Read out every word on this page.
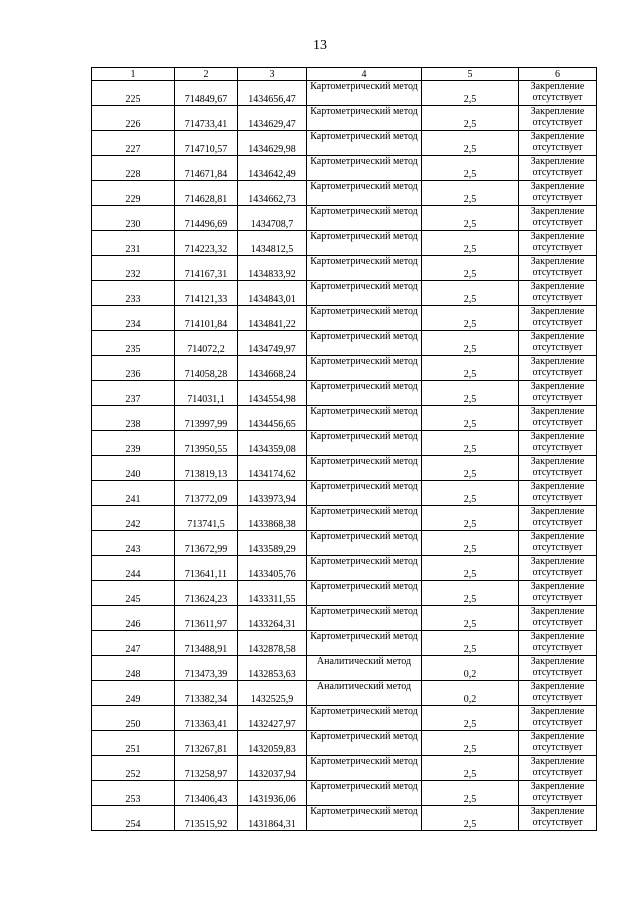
13
1	2	3	4	5	6
225	714849,67	1434656,47	Картометрический метод	2,5	Закрепление отсутствует
226	714733,41	1434629,47	Картометрический метод	2,5	Закрепление отсутствует
227	714710,57	1434629,98	Картометрический метод	2,5	Закрепление отсутствует
228	714671,84	1434642,49	Картометрический метод	2,5	Закрепление отсутствует
229	714628,81	1434662,73	Картометрический метод	2,5	Закрепление отсутствует
230	714496,69	1434708,7	Картометрический метод	2,5	Закрепление отсутствует
231	714223,32	1434812,5	Картометрический метод	2,5	Закрепление отсутствует
232	714167,31	1434833,92	Картометрический метод	2,5	Закрепление отсутствует
233	714121,33	1434843,01	Картометрический метод	2,5	Закрепление отсутствует
234	714101,84	1434841,22	Картометрический метод	2,5	Закрепление отсутствует
235	714072,2	1434749,97	Картометрический метод	2,5	Закрепление отсутствует
236	714058,28	1434668,24	Картометрический метод	2,5	Закрепление отсутствует
237	714031,1	1434554,98	Картометрический метод	2,5	Закрепление отсутствует
238	713997,99	1434456,65	Картометрический метод	2,5	Закрепление отсутствует
239	713950,55	1434359,08	Картометрический метод	2,5	Закрепление отсутствует
240	713819,13	1434174,62	Картометрический метод	2,5	Закрепление отсутствует
241	713772,09	1433973,94	Картометрический метод	2,5	Закрепление отсутствует
242	713741,5	1433868,38	Картометрический метод	2,5	Закрепление отсутствует
243	713672,99	1433589,29	Картометрический метод	2,5	Закрепление отсутствует
244	713641,11	1433405,76	Картометрический метод	2,5	Закрепление отсутствует
245	713624,23	1433311,55	Картометрический метод	2,5	Закрепление отсутствует
246	713611,97	1433264,31	Картометрический метод	2,5	Закрепление отсутствует
247	713488,91	1432878,58	Картометрический метод	2,5	Закрепление отсутствует
248	713473,39	1432853,63	Аналитический метод	0,2	Закрепление отсутствует
249	713382,34	1432525,9	Аналитический метод	0,2	Закрепление отсутствует
250	713363,41	1432427,97	Картометрический метод	2,5	Закрепление отсутствует
251	713267,81	1432059,83	Картометрический метод	2,5	Закрепление отсутствует
252	713258,97	1432037,94	Картометрический метод	2,5	Закрепление отсутствует
253	713406,43	1431936,06	Картометрический метод	2,5	Закрепление отсутствует
254	713515,92	1431864,31	Картометрический метод	2,5	Закрепление отсутствует
